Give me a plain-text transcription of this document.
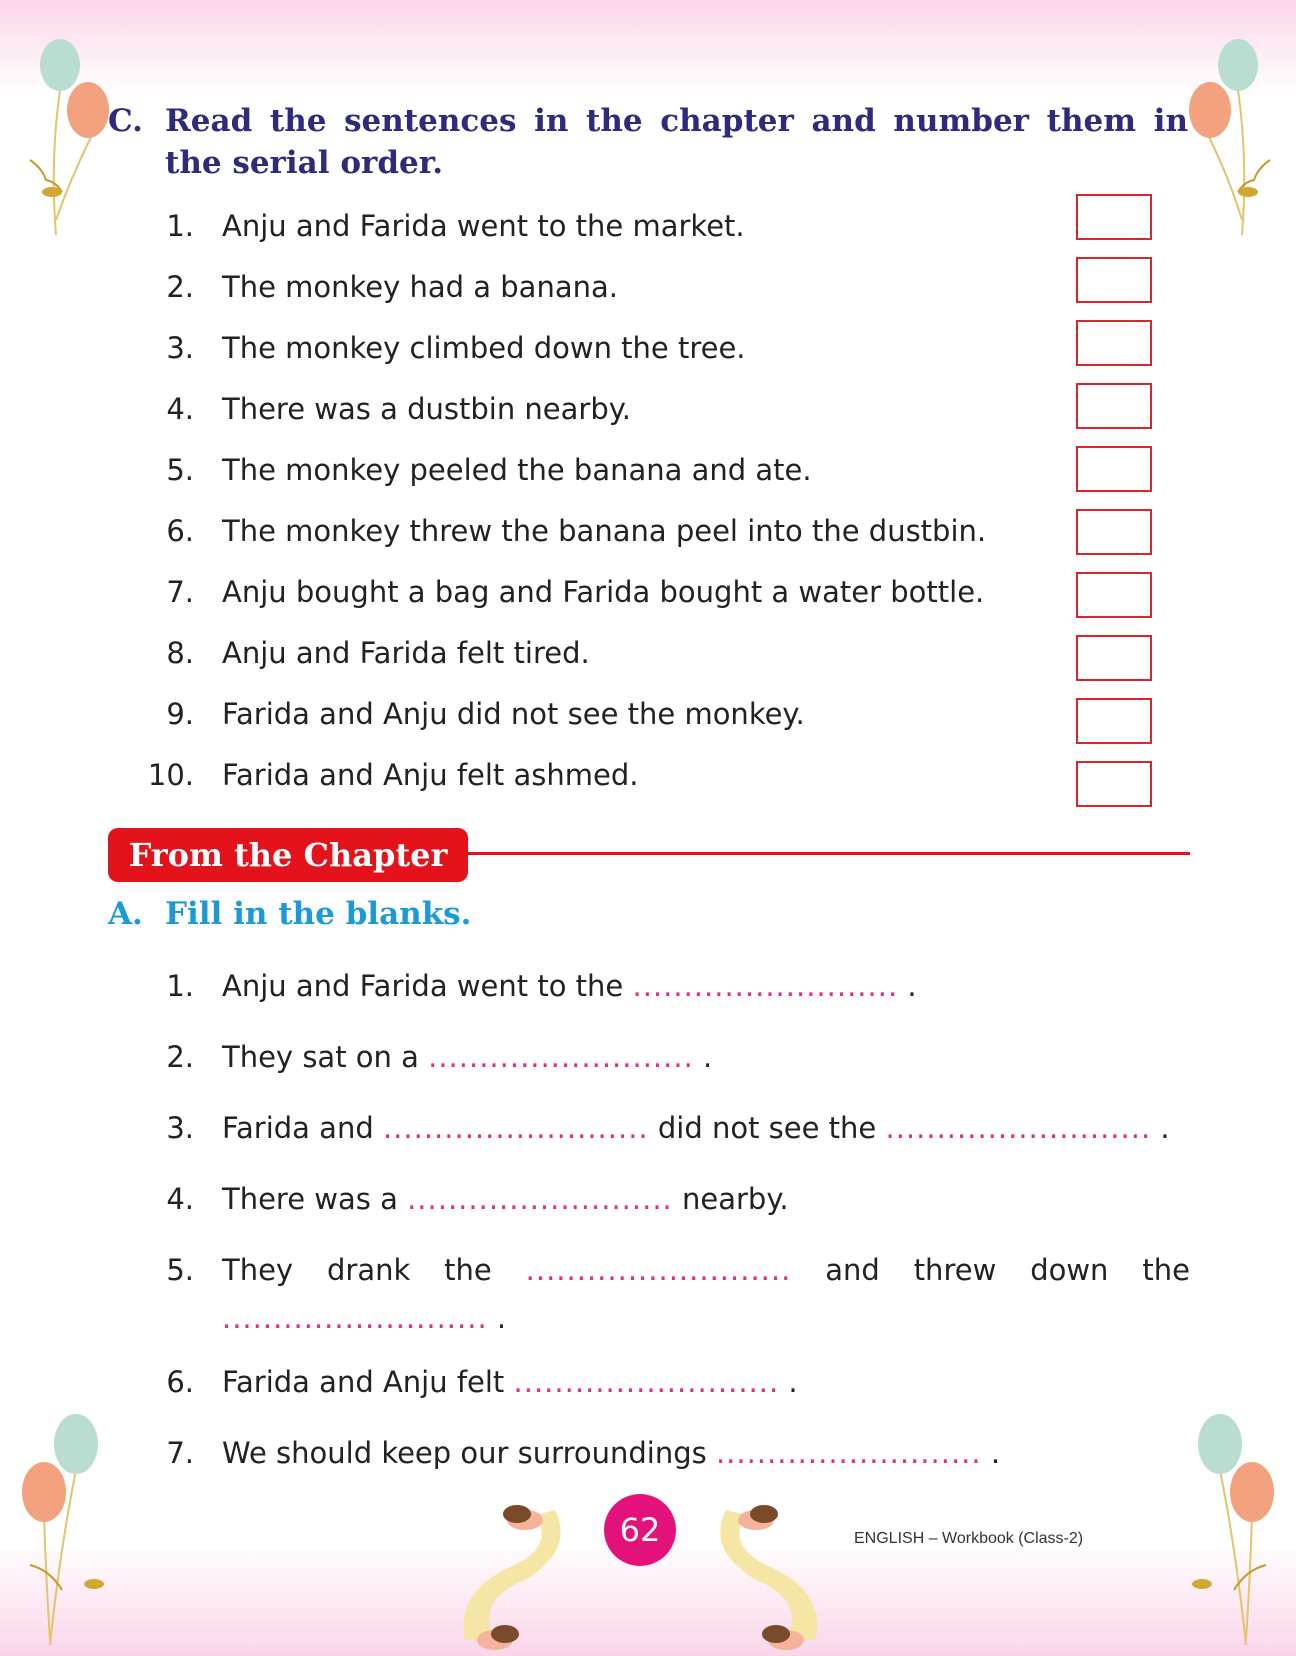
C. Read the sentences in the chapter and number them in the serial order.
1. Anju and Farida went to the market.
2. The monkey had a banana.
3. The monkey climbed down the tree.
4. There was a dustbin nearby.
5. The monkey peeled the banana and ate.
6. The monkey threw the banana peel into the dustbin.
7. Anju bought a bag and Farida bought a water bottle.
8. Anju and Farida felt tired.
9. Farida and Anju did not see the monkey.
10. Farida and Anju felt ashmed.
From the Chapter
A. Fill in the blanks.
1. Anju and Farida went to the .......................... .
2. They sat on a .......................... .
3. Farida and .......................... did not see the .......................... .
4. There was a .......................... nearby.
5. They drank the .......................... and threw down the
.......................... .
6. Farida and Anju felt .......................... .
7. We should keep our surroundings .......................... .
62	ENGLISH – Workbook (Class-2)
